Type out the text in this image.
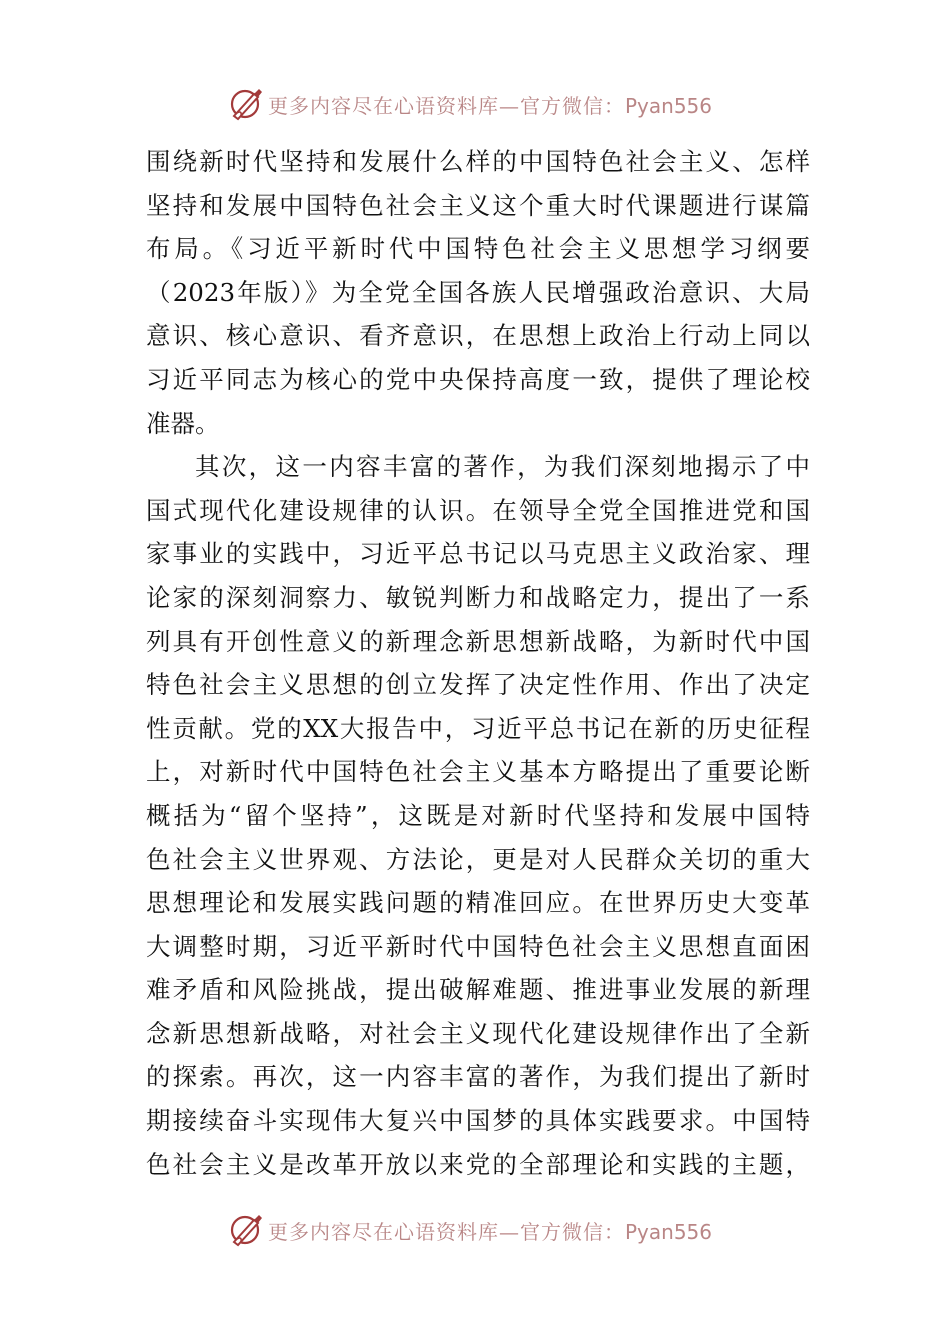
更多内容尽在心语资料库—官方微信：Pyan556
围绕新时代坚持和发展什么样的中国特色社会主义、怎样
坚持和发展中国特色社会主义这个重大时代课题进行谋篇
布局。《习近平新时代中国特色社会主义思想学习纲要
（2023年版）》为全党全国各族人民增强政治意识、大局
意识、核心意识、看齐意识，在思想上政治上行动上同以
习近平同志为核心的党中央保持高度一致，提供了理论校
准器。
其次，这一内容丰富的著作，为我们深刻地揭示了中
国式现代化建设规律的认识。在领导全党全国推进党和国
家事业的实践中，习近平总书记以马克思主义政治家、理
论家的深刻洞察力、敏锐判断力和战略定力，提出了一系
列具有开创性意义的新理念新思想新战略，为新时代中国
特色社会主义思想的创立发挥了决定性作用、作出了决定
性贡献。党的XX大报告中，习近平总书记在新的历史征程
上，对新时代中国特色社会主义基本方略提出了重要论断
概括为“留个坚持”，这既是对新时代坚持和发展中国特
色社会主义世界观、方法论，更是对人民群众关切的重大
思想理论和发展实践问题的精准回应。在世界历史大变革
大调整时期，习近平新时代中国特色社会主义思想直面困
难矛盾和风险挑战，提出破解难题、推进事业发展的新理
念新思想新战略，对社会主义现代化建设规律作出了全新
的探索。再次，这一内容丰富的著作，为我们提出了新时
期接续奋斗实现伟大复兴中国梦的具体实践要求。中国特
色社会主义是改革开放以来党的全部理论和实践的主题，
更多内容尽在心语资料库—官方微信：Pyan556
